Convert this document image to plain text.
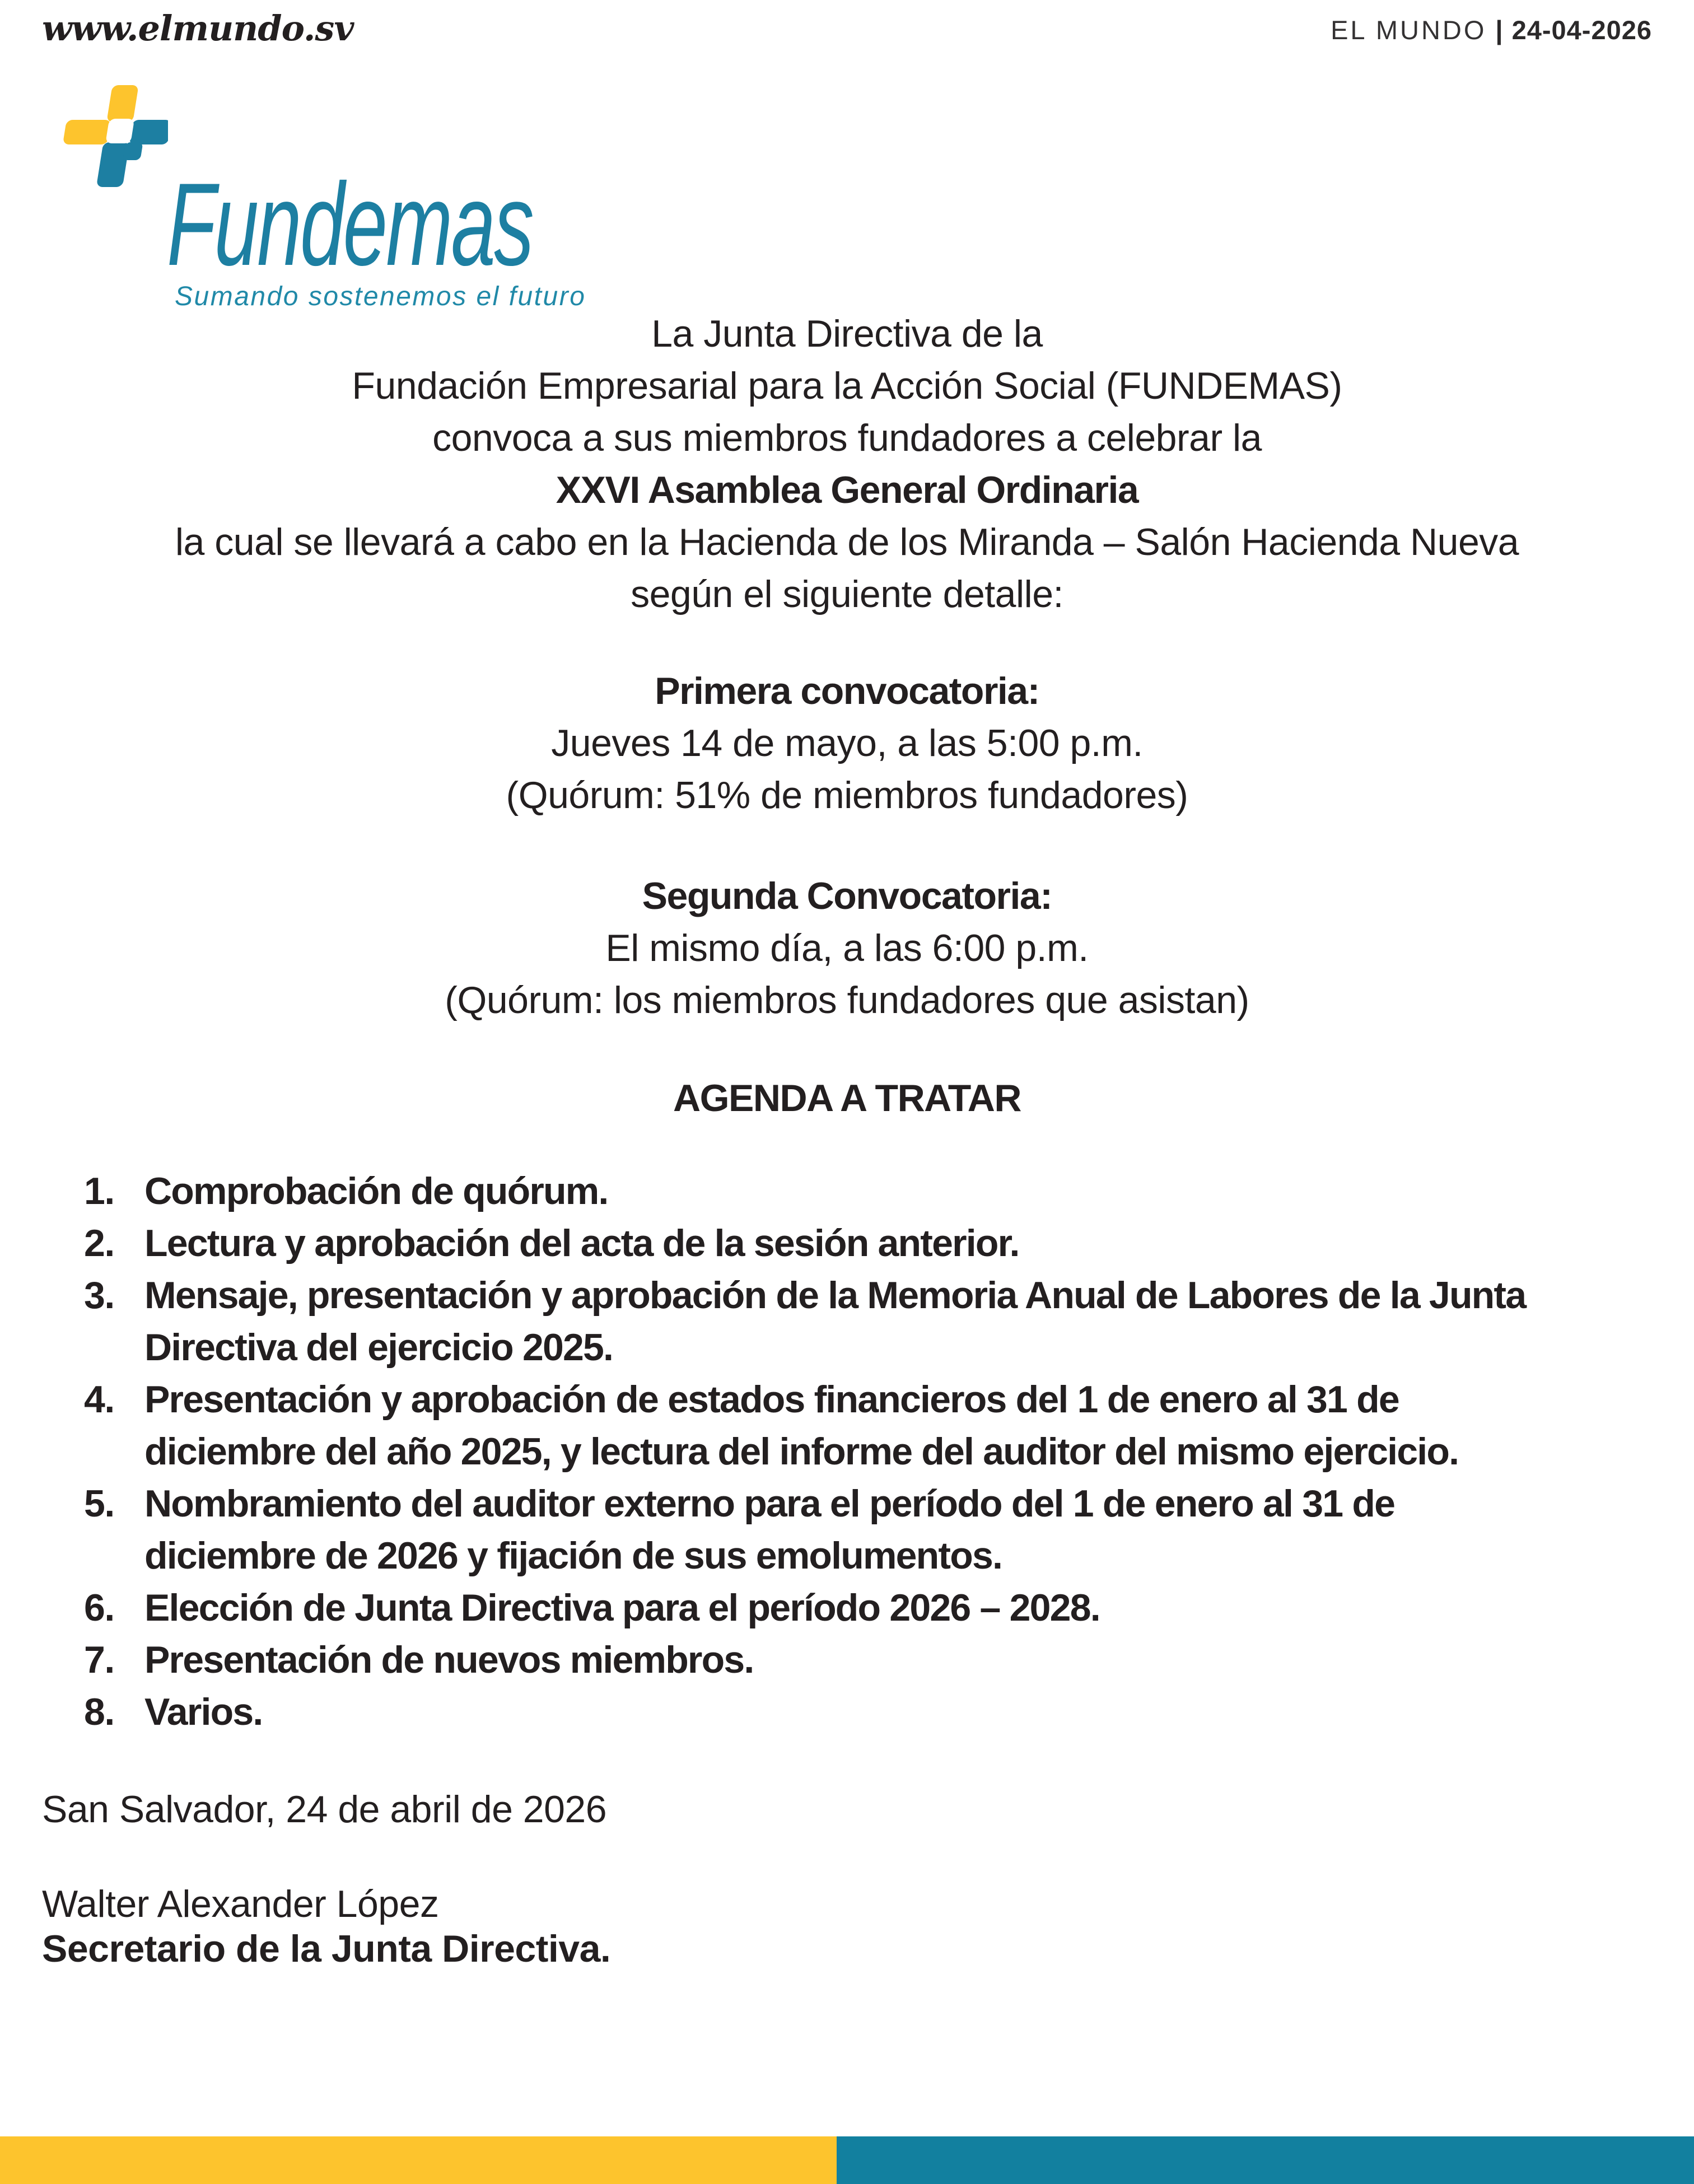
www.elmundo.sv	EL MUNDO | 24-04-2026
Fundemas
Sumando sostenemos el futuro
La Junta Directiva de la
Fundación Empresarial para la Acción Social (FUNDEMAS)
convoca a sus miembros fundadores a celebrar la
XXVI Asamblea General Ordinaria
la cual se llevará a cabo en la Hacienda de los Miranda – Salón Hacienda Nueva
según el siguiente detalle:
Primera convocatoria:
Jueves 14 de mayo, a las 5:00 p.m.
(Quórum: 51% de miembros fundadores)
Segunda Convocatoria:
El mismo día, a las 6:00 p.m.
(Quórum: los miembros fundadores que asistan)
AGENDA A TRATAR
1. Comprobación de quórum.
2. Lectura y aprobación del acta de la sesión anterior.
3. Mensaje, presentación y aprobación de la Memoria Anual de Labores de la Junta
Directiva del ejercicio 2025.
4. Presentación y aprobación de estados financieros del 1 de enero al 31 de
diciembre del año 2025, y lectura del informe del auditor del mismo ejercicio.
5. Nombramiento del auditor externo para el período del 1 de enero al 31 de
diciembre de 2026 y fijación de sus emolumentos.
6. Elección de Junta Directiva para el período 2026 – 2028.
7. Presentación de nuevos miembros.
8. Varios.
San Salvador, 24 de abril de 2026
Walter Alexander López
Secretario de la Junta Directiva.
